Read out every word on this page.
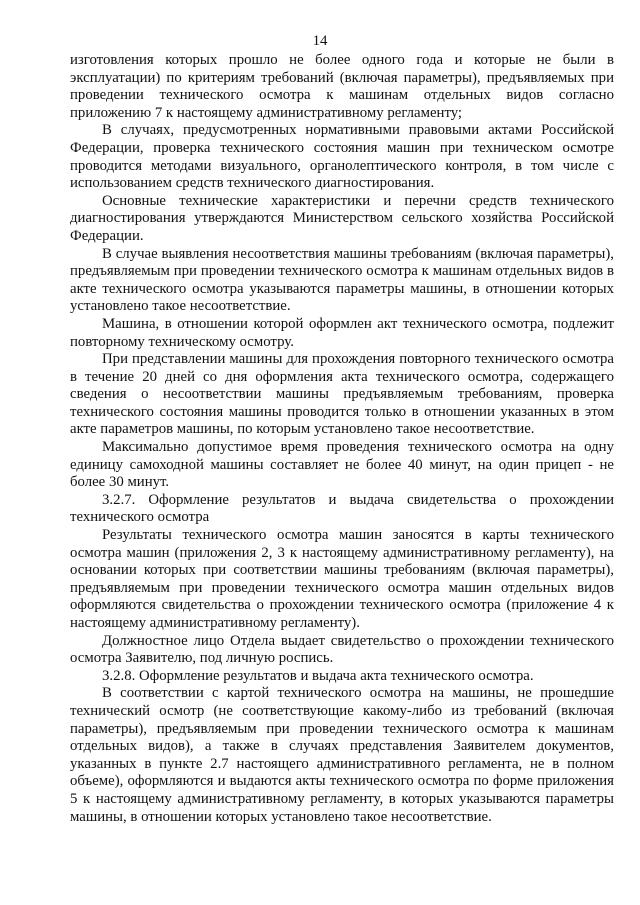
14

изготовления которых прошло не более одного года и которые не были в эксплуатации) по критериям требований (включая параметры), предъявляемых при проведении технического осмотра к машинам отдельных видов согласно приложению 7 к настоящему административному регламенту;

В случаях, предусмотренных нормативными правовыми актами Российской Федерации, проверка технического состояния машин при техническом осмотре проводится методами визуального, органолептического контроля, в том числе с использованием средств технического диагностирования.

Основные технические характеристики и перечни средств технического диагностирования утверждаются Министерством сельского хозяйства Российской Федерации.

В случае выявления несоответствия машины требованиям (включая параметры), предъявляемым при проведении технического осмотра к машинам отдельных видов в акте технического осмотра указываются параметры машины, в отношении которых установлено такое несоответствие.

Машина, в отношении которой оформлен акт технического осмотра, подлежит повторному техническому осмотру.

При представлении машины для прохождения повторного технического осмотра в течение 20 дней со дня оформления акта технического осмотра, содержащего сведения о несоответствии машины предъявляемым требованиям, проверка технического состояния машины проводится только в отношении указанных в этом акте параметров машины, по которым установлено такое несоответствие.

Максимально допустимое время проведения технического осмотра на одну единицу самоходной машины составляет не более 40 минут, на один прицеп - не более 30 минут.

3.2.7. Оформление результатов и выдача свидетельства о прохождении технического осмотра

Результаты технического осмотра машин заносятся в карты технического осмотра машин (приложения 2, 3 к настоящему административному регламенту), на основании которых при соответствии машины требованиям (включая параметры), предъявляемым при проведении технического осмотра машин отдельных видов оформляются свидетельства о прохождении технического осмотра (приложение 4 к настоящему административному регламенту).

Должностное лицо Отдела выдает свидетельство о прохождении технического осмотра Заявителю, под личную роспись.

3.2.8. Оформление результатов и выдача акта технического осмотра.

В соответствии с картой технического осмотра на машины, не прошедшие технический осмотр (не соответствующие какому-либо из требований (включая параметры), предъявляемым при проведении технического осмотра к машинам отдельных видов), а также в случаях представления Заявителем документов, указанных в пункте 2.7 настоящего административного регламента, не в полном объеме), оформляются и выдаются акты технического осмотра по форме приложения 5 к настоящему административному регламенту, в которых указываются параметры машины, в отношении которых установлено такое несоответствие.
